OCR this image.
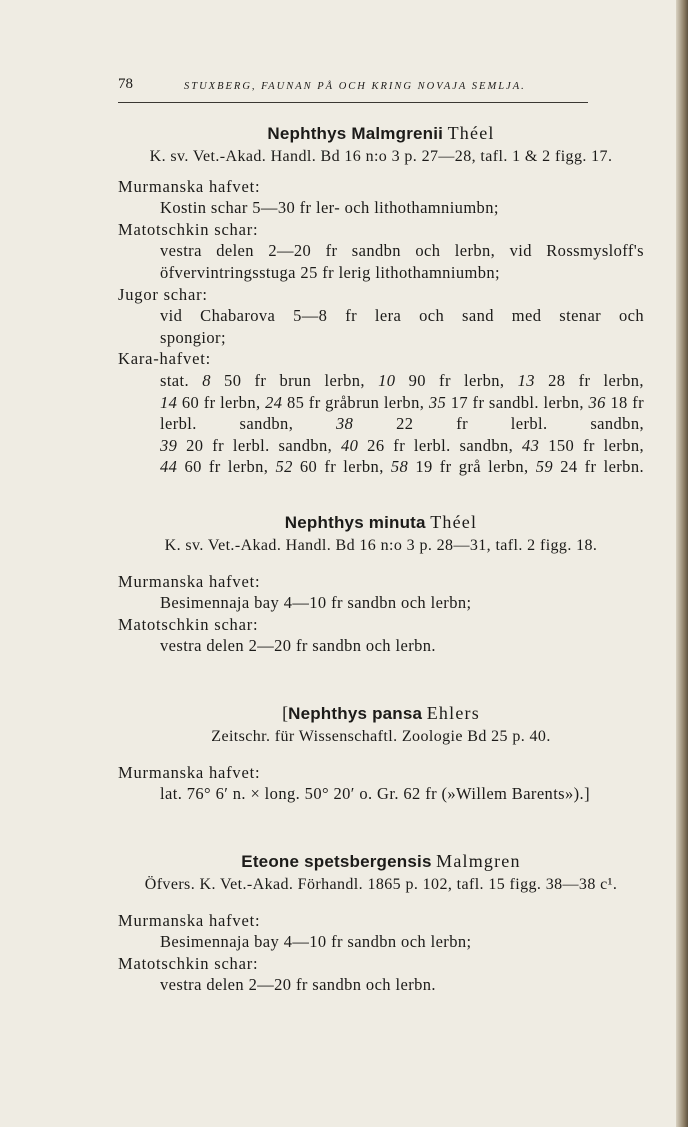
78	STUXBERG, FAUNAN PÅ OCH KRING NOVAJA SEMLJA.
Nephthys Malmgrenii Théel
K. sv. Vet.-Akad. Handl. Bd 16 n:o 3 p. 27—28, tafl. 1 & 2 figg. 17.
Murmanska hafvet:
Kostin schar 5—30 fr ler- och lithothamniumbn;
Matotschkin schar:
vestra delen 2—20 fr sandbn och lerbn, vid Rossmysloff's
öfvervintringsstuga 25 fr lerig lithothamniumbn;
Jugor schar:
vid Chabarova 5—8 fr lera och sand med stenar och
spongior;
Kara-hafvet:
stat. 8 50 fr brun lerbn, 10 90 fr lerbn, 13 28 fr lerbn,
14 60 fr lerbn, 24 85 fr gråbrun lerbn, 35 17 fr sandbl. lerbn, 36 18 fr lerbl. sandbn,	38	22 fr lerbl. sandbn,
39 20 fr lerbl. sandbn, 40 26 fr lerbl. sandbn, 43 150 fr lerbn,
44 60 fr lerbn, 52 60 fr lerbn, 58 19 fr grå lerbn, 59 24 fr lerbn.
Nephthys minuta Théel
K. sv. Vet.-Akad. Handl. Bd 16 n:o 3 p. 28—31, tafl. 2 figg. 18.
Murmanska hafvet:
Besimennaja bay 4—10 fr sandbn och lerbn;
Matotschkin schar:
vestra delen 2—20 fr sandbn och lerbn.
[Nephthys pansa Ehlers
Zeitschr. für Wissenschaftl. Zoologie Bd 25 p. 40.
Murmanska hafvet:
lat. 76° 6′ n. × long. 50° 20′ o. Gr. 62 fr (»Willem Barents»).]
Eteone spetsbergensis Malmgren
Öfvers. K. Vet.-Akad. Förhandl. 1865 p. 102, tafl. 15 figg. 38—38 c¹.
Murmanska hafvet:
Besimennaja bay 4—10 fr sandbn och lerbn;
Matotschkin schar:
vestra delen 2—20 fr sandbn och lerbn.
